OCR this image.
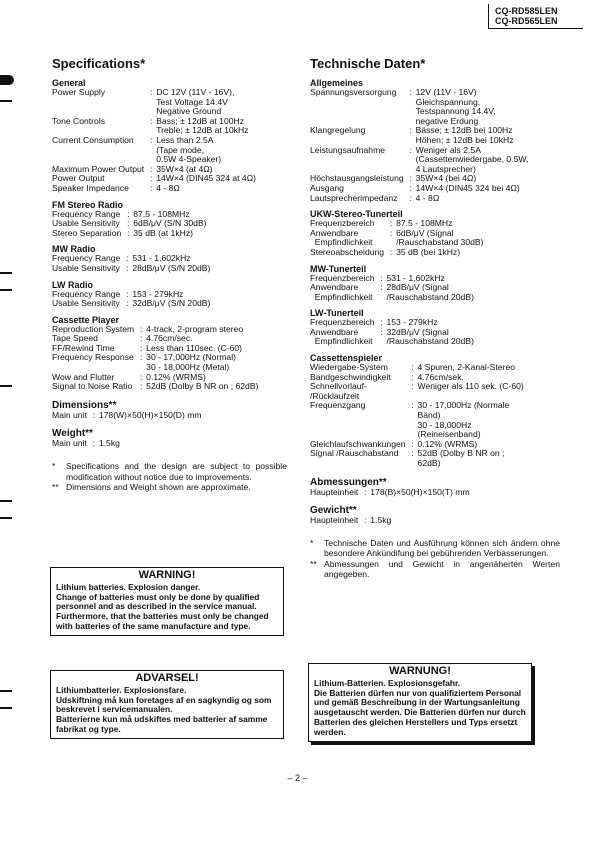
CQ-RD585LEN
CQ-RD565LEN
Specifications*
General
Power Supply	:	DC 12V (11V - 16V),
Test Voltage 14.4V
Negative Ground
Tone Controls	:	Bass; ± 12dB at 100Hz
Treble; ± 12dB at 10kHz
Current Consumption	:	Less than 2.5A
(Tape mode,
0.5W 4-Speaker)
Maximum Power Output	:	35W×4 (at 4Ω)
Power Output	:	14W×4 (DIN45 324 at 4Ω)
Speaker Impedance	:	4 - 8Ω
FM Stereo Radio
Frequency Range	:	87.5 - 108MHz
Usable Sensitivity	:	6dB/μV (S/N 30dB)
Stereo Separation	:	35 dB (at 1kHz)
MW Radio
Frequency Range	:	531 - 1,602kHz
Usable Sensitivity	:	28dB/μV (S/N 20dB)
LW Radio
Frequency Range	:	153 - 279kHz
Usable Sensitivity	:	32dB/μV (S/N 20dB)
Cassette Player
Reproduction System	:	4-track, 2-program stereo
Tape Speed	:	4.76cm/sec.
FF/Rewind Time	:	Less than 110sec. (C-60)
Frequency Response	:	30 - 17,000Hz (Normal)
30 - 18,000Hz (Metal)
Wow and Flutter	:	0.12% (WRMS)
Signal to Noise Ratio	:	52dB (Dolby B NR on ; 62dB)
Dimensions**
Main unit	:	178(W)×50(H)×150(D) mm
Weight**
Main unit	:	1.5kg
*	Specifications and the design are subject to possible modification without notice due to improvements.
** Dimensions and Weight shown are approximate.
Technische Daten*
Allgemeines
Spannungsversorgung	:	12V (11V - 16V)
Gleichspannung,
Testspannung 14.4V,
negative Erdung
Klangregelung	:	Bässe; ± 12dB bei 100Hz
Höhen; ± 12dB bei 10kHz
Leistungsaufnahme	:	Weniger als 2.5A
(Cassettenwiedergabe, 0.5W,
4 Lautsprecher)
Höchstausgangsleistung	:	35W×4 (bei 4Ω)
Ausgang	:	14W×4 (DIN45 324 bei 4Ω)
Lautsprecherimpedanz	:	4 - 8Ω
UKW-Stereo-Tunerteil
Frequenzbereich	:	87.5 - 108MHz
Anwendbare
Empfindlichkeit	:	6dB/μV (Signal
/Rauschabstand 30dB)
Stereoabscheidung	:	35 dB (bei 1kHz)
MW-Tunerteil
Frequenzbereich	:	531 - 1,602kHz
Anwendbare
Empfindlichkeit	:	28dB/μV (Signal
/Rauschabstand 20dB)
LW-Tunerteil
Frequenzbereich	:	153 - 279kHz
Anwendbare
Empfindlichkeit	:	32dB/μV (Signal
/Rauschabstand 20dB)
Cassettenspieler
Wiedergabe-System	:	4 Spuren, 2-Kanal-Stereo
Bandgeschwindigkeit	:	4.76cm/sek.
Schnellvorlauf-
/Rücklaufzeit	:	Weniger als 110 sek. (C-60)
Frequenzgang	:	30 - 17,000Hz (Normale
Bänd)
30 - 18,000Hz
(Reineisenband)
Gleichlaufschwankungen	:	0.12% (WRMS)
Signal /Rauschabstand	:	52dB (Dolby B NR on ;
62dB)
Abmessungen**
Haupteinheit	:	178(B)×50(H)×150(T) mm
Gewicht**
Haupteinheit	:	1.5kg
*	Technische Daten und Ausführung können sich ändern ohne besondere Ankündifung bei gebührenden Verbasserungen.
** Abmessungen und Gewicht in angenäherten Werten angegeben.
WARNING!
Lithium batteries. Explosion danger.
Change of batteries must only be done by qualified personnel and as described in the service manual.
Furthermore, that the batteries must only be changed with batteries of the same manufacture and type.
ADVARSEL!
Lithiumbatterier. Explosionsfare.
Udskiftning må kun foretages af en sagkyndig og som beskrevet i servicemanualen.
Batterierne kun må udskiftes med batterier af samme fabrikat og type.
WARNUNG!
Lithium-Batterien. Explosionsgefahr.
Die Batterien dürfen nur von qualifiziertem Personal und gemäß Beschreibung in der Wartungsanleitung ausgetauscht werden. Die Batterien dürfen nur durch Batterien des gleichen Herstellers und Typs ersetzt werden.
– 2 –
